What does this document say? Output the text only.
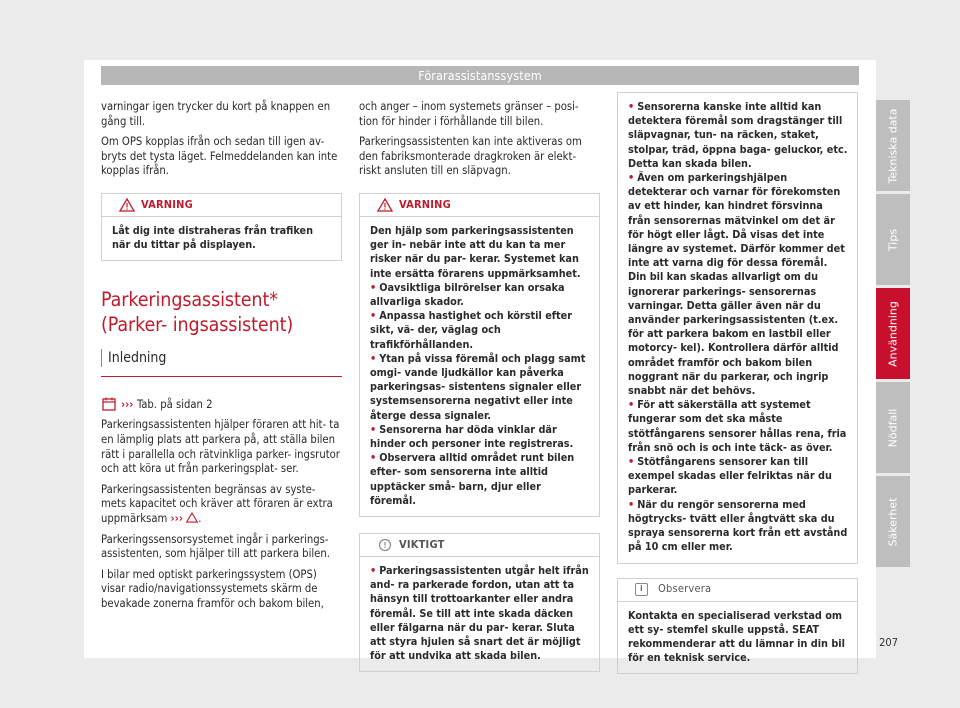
Förarassistanssystem

varningar igen trycker du kort på knappen en gång till.

Om OPS kopplas ifrån och sedan till igen av- bryts det tysta läget. Felmeddelanden kan inte kopplas ifrån.

VARNING
Låt dig inte distraheras från trafiken när du tittar på displayen.
Parkeringsassistent* (Parker- ingsassistent)
Inledning
››› Tab. på sidan 2

Parkeringsassistenten hjälper föraren att hit- ta en lämplig plats att parkera på, att ställa bilen rätt i parallella och rätvinkliga parker- ingsrutor och att köra ut från parkeringsplat- ser.

Parkeringsassistenten begränsas av syste- mets kapacitet och kräver att föraren är extra uppmärksam ››› .

Parkeringssensorsystemet ingår i parkerings- assistenten, som hjälper till att parkera bilen.

I bilar med optiskt parkeringssystem (OPS) visar radio/navigationssystemets skärm de bevakade zonerna framför och bakom bilen,

och anger – inom systemets gränser – posi- tion för hinder i förhållande till bilen.

Parkeringsassistenten kan inte aktiveras om den fabriksmonterade dragkroken är elekt- riskt ansluten till en släpvagn.

VARNING

Den hjälp som parkeringsassistenten ger in- nebär inte att du kan ta mer risker när du par- kerar. Systemet kan inte ersätta förarens uppmärksamhet.

• Oavsiktliga bilrörelser kan orsaka allvarliga skador.

• Anpassa hastighet och körstil efter sikt, vä- der, väglag och trafikförhållanden.

• Ytan på vissa föremål och plagg samt omgi- vande ljudkällor kan påverka parkeringsas- sistentens signaler eller systemsensorerna negativt eller inte återge dessa signaler.

• Sensorerna har döda vinklar där hinder och personer inte registreras.

• Observera alltid området runt bilen efter- som sensorerna inte alltid upptäcker små- barn, djur eller föremål.

VIKTIGT

• Parkeringsassistenten utgår helt ifrån and- ra parkerade fordon, utan att ta hänsyn till trottoarkanter eller andra föremål. Se till att inte skada däcken eller fälgarna när du par- kerar. Sluta att styra hjulen så snart det är möjligt för att undvika att skada bilen.

• Sensorerna kanske inte alltid kan detektera föremål som dragstänger till släpvagnar, tun- na räcken, staket, stolpar, träd, öppna baga- geluckor, etc. Detta kan skada bilen.

• Även om parkeringshjälpen detekterar och varnar för förekomsten av ett hinder, kan hindret försvinna från sensorernas mätvinkel om det är för högt eller lågt. Då visas det inte längre av systemet. Därför kommer det inte att varna dig för dessa föremål. Din bil kan skadas allvarligt om du ignorerar parkerings- sensorernas varningar. Detta gäller även när du använder parkeringsassistenten (t.ex. för att parkera bakom en lastbil eller motorcy- kel). Kontrollera därför alltid området framför och bakom bilen noggrant när du parkerar, och ingrip snabbt när det behövs.

• För att säkerställa att systemet fungerar som det ska måste stötfångarens sensorer hållas rena, fria från snö och is och inte täck- as över.

• Stötfångarens sensorer kan till exempel skadas eller felriktas när du parkerar.

• När du rengör sensorerna med högtrycks- tvätt eller ångtvätt ska du spraya sensorerna kort från ett avstånd på 10 cm eller mer.

i	Observera
Kontakta en specialiserad verkstad om ett sy- stemfel skulle uppstå. SEAT rekommenderar att du lämnar in din bil för en teknisk service.
Tekniska data
Tips
Användning
Nödfall
Säkerhet
207
